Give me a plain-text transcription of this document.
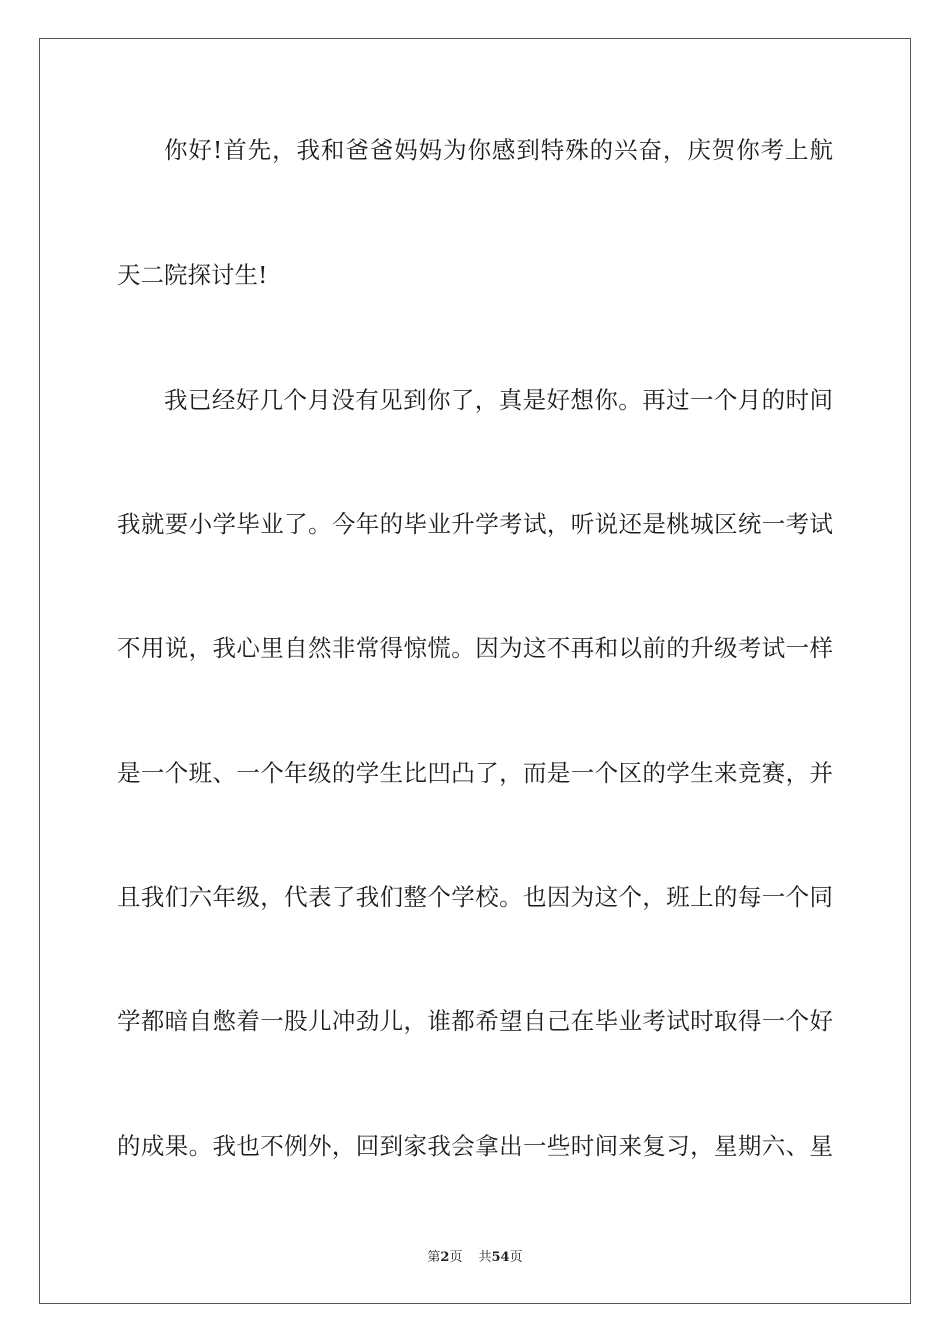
你好!首先，我和爸爸妈妈为你感到特殊的兴奋，庆贺你考上航
天二院探讨生!
我已经好几个月没有见到你了，真是好想你。再过一个月的时间
我就要小学毕业了。今年的毕业升学考试，听说还是桃城区统一考试
不用说，我心里自然非常得惊慌。因为这不再和以前的升级考试一样
是一个班、一个年级的学生比凹凸了，而是一个区的学生来竞赛，并
且我们六年级，代表了我们整个学校。也因为这个，班上的每一个同
学都暗自憋着一股儿冲劲儿，谁都希望自己在毕业考试时取得一个好
的成果。我也不例外，回到家我会拿出一些时间来复习，星期六、星
第2页 共54页
